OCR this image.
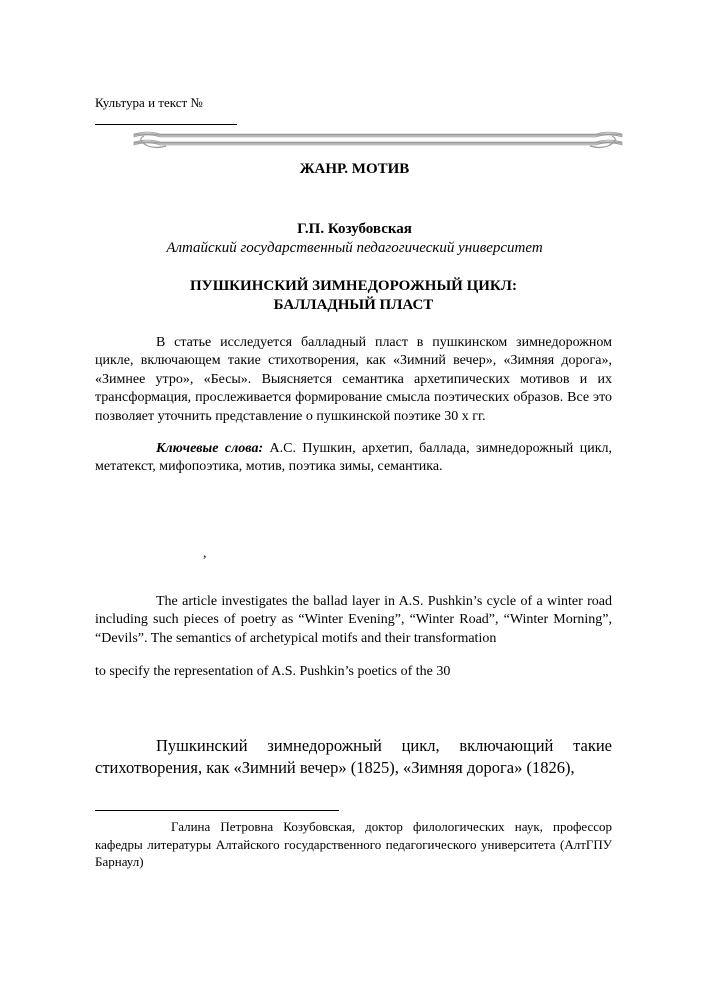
Культура и текст №
ЖАНР. МОТИВ
Г.П. Козубовская
Алтайский государственный педагогический университет
ПУШКИНСКИЙ ЗИМНЕДОРОЖНЫЙ ЦИКЛ:
БАЛЛАДНЫЙ ПЛАСТ

В статье исследуется балладный пласт в пушкинском зимнедорожном цикле, включающем такие стихотворения, как «Зимний вечер», «Зимняя дорога», «Зимнее утро», «Бесы». Выясняется семантика архетипических мотивов и их трансформация, прослеживается формирование смысла поэтических образов. Все это позволяет уточнить представление о пушкинской поэтике 30 х гг.

Ключевые слова: А.С. Пушкин, архетип, баллада, зимнедорожный цикл, метатекст, мифопоэтика, мотив, поэтика зимы, семантика.

,

The article investigates the ballad layer in A.S. Pushkin’s cycle of a winter road including such pieces of poetry as “Winter Evening”, “Winter Road”, “Winter Morning”, “Devils”. The semantics of archetypical motifs and their transformation

to specify the representation of A.S. Pushkin’s poetics of the 30

Пушкинский зимнедорожный цикл, включающий такие стихотворения, как «Зимний вечер» (1825), «Зимняя дорога» (1826),

Галина Петровна Козубовская, доктор филологических наук, профессор кафедры литературы Алтайского государственного педагогического университета (АлтГПУ Барнаул)
